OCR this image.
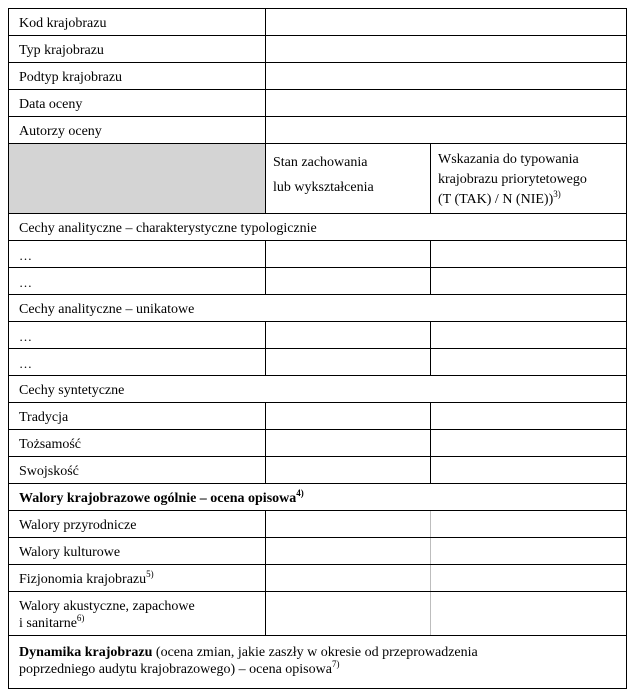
Kod krajobrazu
Typ krajobrazu
Podtyp krajobrazu
Data oceny
Autorzy oceny
Stan zachowania
lub wykształcenia
Wskazania do typowania
krajobrazu priorytetowego
(T (TAK) / N (NIE))$^{3)}$
Cechy analityczne – charakterystyczne typologicznie
…
…
Cechy analityczne – unikatowe
…
…
Cechy syntetyczne
Tradycja
Tożsamość
Swojskość
Walory krajobrazowe ogólnie – ocena opisowa$^{4)}$
Walory przyrodnicze
Walory kulturowe
Fizjonomia krajobrazu$^{5)}$
Walory akustyczne, zapachowe
i sanitarne$^{6)}$
Dynamika krajobrazu (ocena zmian, jakie zaszły w okresie od przeprowadzenia
poprzedniego audytu krajobrazowego) – ocena opisowa$^{7)}$
